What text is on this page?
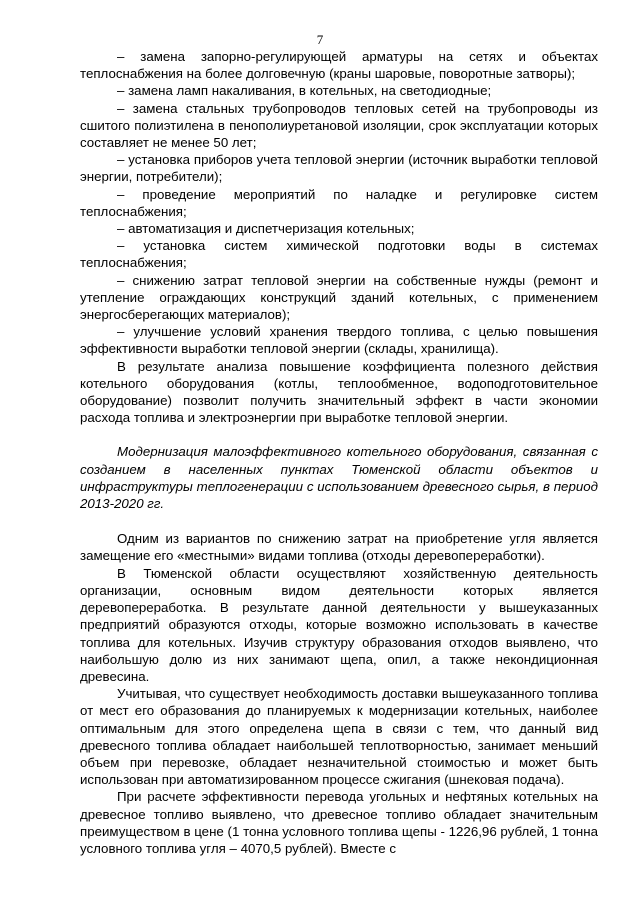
7

– замена запорно-регулирующей арматуры на сетях и объектах теплоснабжения на более долговечную (краны шаровые, поворотные затворы);

– замена ламп накаливания, в котельных, на светодиодные;

– замена стальных трубопроводов тепловых сетей на трубопроводы из сшитого полиэтилена в пенополиуретановой изоляции, срок эксплуатации которых составляет не менее 50 лет;

– установка приборов учета тепловой энергии (источник выработки тепловой энергии, потребители);

– проведение мероприятий по наладке и регулировке систем теплоснабжения;

– автоматизация и диспетчеризация котельных;

– установка систем химической подготовки воды в системах теплоснабжения;

– снижению затрат тепловой энергии на собственные нужды (ремонт и утепление ограждающих конструкций зданий котельных, с применением энергосберегающих материалов);

– улучшение условий хранения твердого топлива, с целью повышения эффективности выработки тепловой энергии (склады, хранилища).

В результате анализа повышение коэффициента полезного действия котельного оборудования (котлы, теплообменное, водоподготовительное оборудование) позволит получить значительный эффект в части экономии расхода топлива и электроэнергии при выработке тепловой энергии.

Модернизация малоэффективного котельного оборудования, связанная с созданием в населенных пунктах Тюменской области объектов и инфраструктуры теплогенерации с использованием древесного сырья, в период 2013-2020 гг.

Одним из вариантов по снижению затрат на приобретение угля является замещение его «местными» видами топлива (отходы деревопереработки).

В Тюменской области осуществляют хозяйственную деятельность организации, основным видом деятельности которых является деревопереработка. В результате данной деятельности у вышеуказанных предприятий образуются отходы, которые возможно использовать в качестве топлива для котельных. Изучив структуру образования отходов выявлено, что наибольшую долю из них занимают щепа, опил, а также некондиционная древесина.

Учитывая, что существует необходимость доставки вышеуказанного топлива от мест его образования до планируемых к модернизации котельных, наиболее оптимальным для этого определена щепа в связи с тем, что данный вид древесного топлива обладает наибольшей теплотворностью, занимает меньший объем при перевозке, обладает незначительной стоимостью и может быть использован при автоматизированном процессе сжигания (шнековая подача).

При расчете эффективности перевода угольных и нефтяных котельных на древесное топливо выявлено, что древесное топливо обладает значительным преимуществом в цене (1 тонна условного топлива щепы - 1226,96 рублей, 1 тонна условного топлива угля – 4070,5 рублей). Вместе с
